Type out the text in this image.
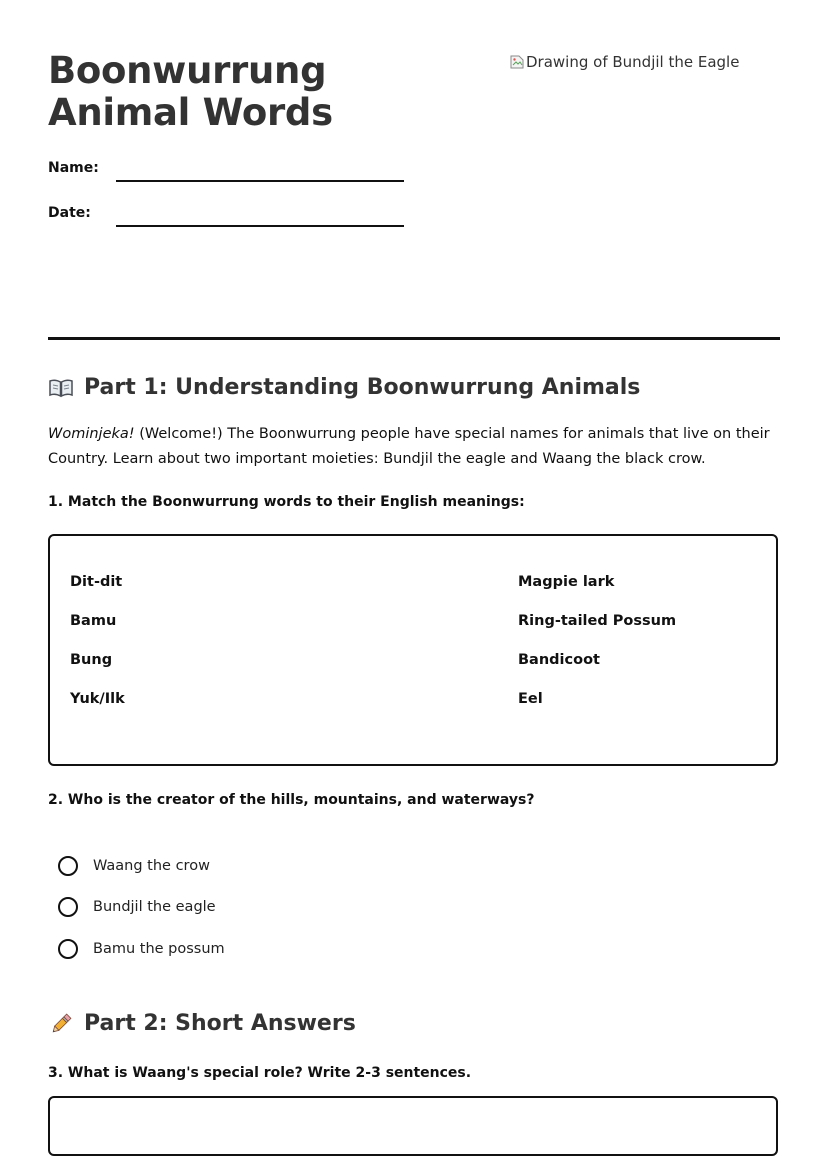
Boonwurrung Animal Words
Drawing of Bundjil the Eagle
Name:
Date:
Part 1: Understanding Boonwurrung Animals

Wominjeka! (Welcome!) The Boonwurrung people have special names for animals that live on their Country. Learn about two important moieties: Bundjil the eagle and Waang the black crow.

1. Match the Boonwurrung words to their English meanings:

Dit-dit
Bamu
Bung
Yuk/Ilk
Magpie lark
Ring-tailed Possum
Bandicoot
Eel

2. Who is the creator of the hills, mountains, and waterways?

Waang the crow
Bundjil the eagle
Bamu the possum
Part 2: Short Answers

3. What is Waang's special role? Write 2-3 sentences.
